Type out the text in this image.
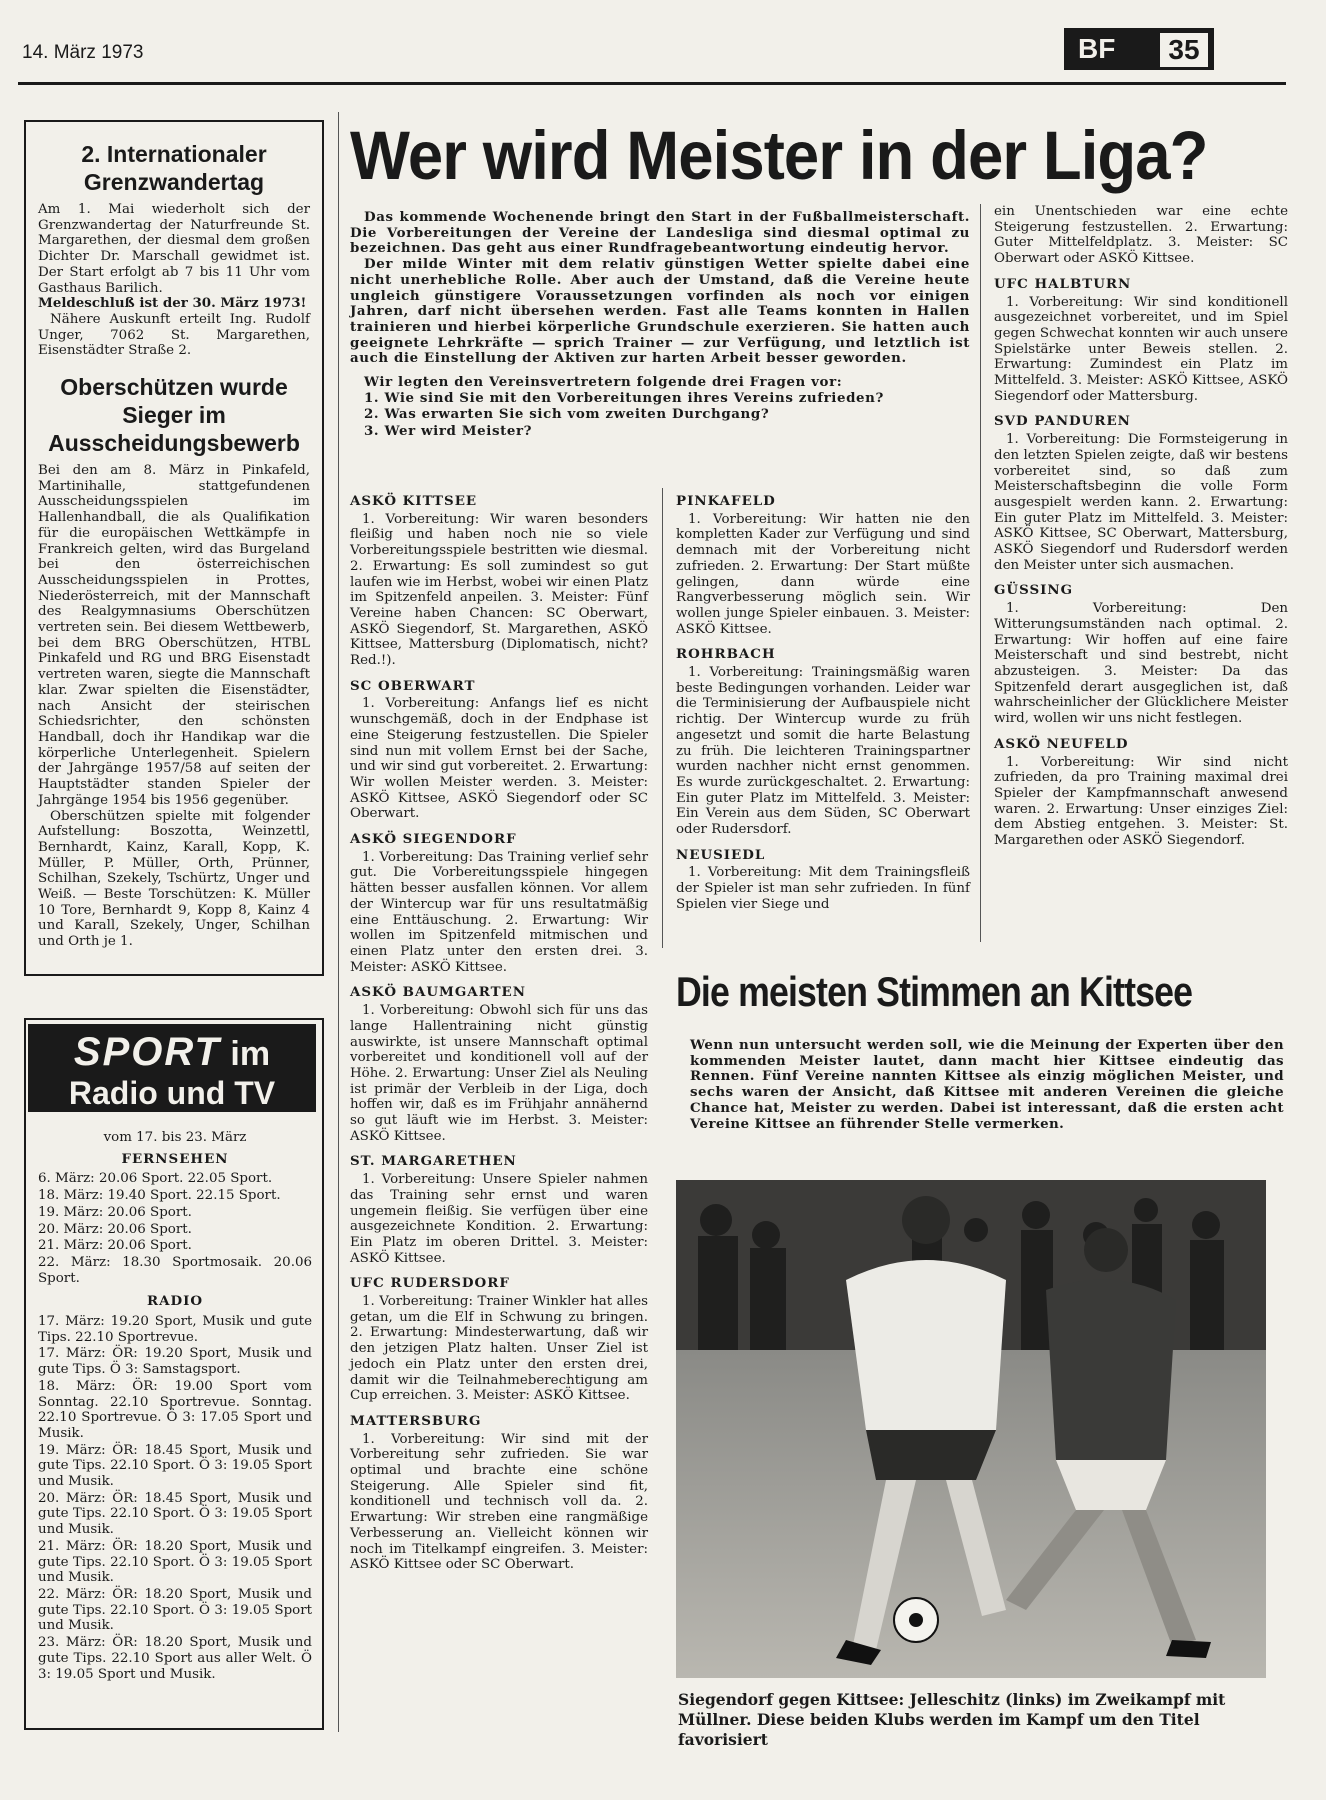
14. März 1973	BF	35
2. Internationaler Grenzwandertag

Am 1. Mai wiederholt sich der Grenzwandertag der Naturfreunde St. Margarethen, der diesmal dem großen Dichter Dr. Marschall gewidmet ist. Der Start erfolgt ab 7 bis 11 Uhr vom Gasthaus Barilich.

Meldeschluß ist der 30. März 1973!

Nähere Auskunft erteilt Ing. Rudolf Unger, 7062 St. Margarethen, Eisenstädter Straße 2.

Oberschützen wurde Sieger im Ausscheidungsbewerb

Bei den am 8. März in Pinkafeld, Martinihalle, stattgefundenen Ausscheidungsspielen im Hallenhandball, die als Qualifikation für die europäischen Wettkämpfe in Frankreich gelten, wird das Burgeland bei den österreichischen Ausscheidungsspielen in Prottes, Niederösterreich, mit der Mannschaft des Realgymnasiums Oberschützen vertreten sein. Bei diesem Wettbewerb, bei dem BRG Oberschützen, HTBL Pinkafeld und RG und BRG Eisenstadt vertreten waren, siegte die Mannschaft klar. Zwar spielten die Eisenstädter, nach Ansicht der steirischen Schiedsrichter, den schönsten Handball, doch ihr Handikap war die körperliche Unterlegenheit. Spielern der Jahrgänge 1957/58 auf seiten der Hauptstädter standen Spieler der Jahrgänge 1954 bis 1956 gegenüber.

Oberschützen spielte mit folgender Aufstellung: Boszotta, Weinzettl, Bernhardt, Kainz, Karall, Kopp, K. Müller, P. Müller, Orth, Prünner, Schilhan, Szekely, Tschürtz, Unger und Weiß. — Beste Torschützen: K. Müller 10 Tore, Bernhardt 9, Kopp 8, Kainz 4 und Karall, Szekely, Unger, Schilhan und Orth je 1.

SPORT im
Radio und TV
vom 17. bis 23. März
FERNSEHEN

6. März: 20.06 Sport. 22.05 Sport.

18. März: 19.40 Sport. 22.15 Sport.

19. März: 20.06 Sport.

20. März: 20.06 Sport.

21. März: 20.06 Sport.

22. März: 18.30 Sportmosaik. 20.06 Sport.

RADIO

17. März: 19.20 Sport, Musik und gute Tips. 22.10 Sportrevue.

17. März: ÖR: 19.20 Sport, Musik und gute Tips. Ö 3: Samstagsport.

18. März: ÖR: 19.00 Sport vom Sonntag. 22.10 Sportrevue. Sonntag. 22.10 Sportrevue. Ö 3: 17.05 Sport und Musik.

19. März: ÖR: 18.45 Sport, Musik und gute Tips. 22.10 Sport. Ö 3: 19.05 Sport und Musik.

20. März: ÖR: 18.45 Sport, Musik und gute Tips. 22.10 Sport. Ö 3: 19.05 Sport und Musik.

21. März: ÖR: 18.20 Sport, Musik und gute Tips. 22.10 Sport. Ö 3: 19.05 Sport und Musik.

22. März: ÖR: 18.20 Sport, Musik und gute Tips. 22.10 Sport. Ö 3: 19.05 Sport und Musik.

23. März: ÖR: 18.20 Sport, Musik und gute Tips. 22.10 Sport aus aller Welt. Ö 3: 19.05 Sport und Musik.

Wer wird Meister in der Liga?

Das kommende Wochenende bringt den Start in der Fußballmeisterschaft. Die Vorbereitungen der Vereine der Landesliga sind diesmal optimal zu bezeichnen. Das geht aus einer Rundfragebeantwortung eindeutig hervor.

Der milde Winter mit dem relativ günstigen Wetter spielte dabei eine nicht unerhebliche Rolle. Aber auch der Umstand, daß die Vereine heute ungleich günstigere Voraussetzungen vorfinden als noch vor einigen Jahren, darf nicht übersehen werden. Fast alle Teams konnten in Hallen trainieren und hierbei körperliche Grundschule exerzieren. Sie hatten auch geeignete Lehrkräfte — sprich Trainer — zur Verfügung, und letztlich ist auch die Einstellung der Aktiven zur harten Arbeit besser geworden.

Wir legten den Vereinsvertretern folgende drei Fragen vor:

1. Wie sind Sie mit den Vorbereitungen ihres Vereins zufrieden?

2. Was erwarten Sie sich vom zweiten Durchgang?

3. Wer wird Meister?

ASKÖ KITTSEE

1. Vorbereitung: Wir waren besonders fleißig und haben noch nie so viele Vorbereitungsspiele bestritten wie diesmal. 2. Erwartung: Es soll zumindest so gut laufen wie im Herbst, wobei wir einen Platz im Spitzenfeld anpeilen. 3. Meister: Fünf Vereine haben Chancen: SC Oberwart, ASKÖ Siegendorf, St. Margarethen, ASKÖ Kittsee, Mattersburg (Diplomatisch, nicht? Red.!).

SC OBERWART

1. Vorbereitung: Anfangs lief es nicht wunschgemäß, doch in der Endphase ist eine Steigerung festzustellen. Die Spieler sind nun mit vollem Ernst bei der Sache, und wir sind gut vorbereitet. 2. Erwartung: Wir wollen Meister werden. 3. Meister: ASKÖ Kittsee, ASKÖ Siegendorf oder SC Oberwart.

ASKÖ SIEGENDORF

1. Vorbereitung: Das Training verlief sehr gut. Die Vorbereitungsspiele hingegen hätten besser ausfallen können. Vor allem der Wintercup war für uns resultatmäßig eine Enttäuschung. 2. Erwartung: Wir wollen im Spitzenfeld mitmischen und einen Platz unter den ersten drei. 3. Meister: ASKÖ Kittsee.

ASKÖ BAUMGARTEN

1. Vorbereitung: Obwohl sich für uns das lange Hallentraining nicht günstig auswirkte, ist unsere Mannschaft optimal vorbereitet und konditionell voll auf der Höhe. 2. Erwartung: Unser Ziel als Neuling ist primär der Verbleib in der Liga, doch hoffen wir, daß es im Frühjahr annähernd so gut läuft wie im Herbst. 3. Meister: ASKÖ Kittsee.

ST. MARGARETHEN

1. Vorbereitung: Unsere Spieler nahmen das Training sehr ernst und waren ungemein fleißig. Sie verfügen über eine ausgezeichnete Kondition. 2. Erwartung: Ein Platz im oberen Drittel. 3. Meister: ASKÖ Kittsee.

UFC RUDERSDORF

1. Vorbereitung: Trainer Winkler hat alles getan, um die Elf in Schwung zu bringen. 2. Erwartung: Mindesterwartung, daß wir den jetzigen Platz halten. Unser Ziel ist jedoch ein Platz unter den ersten drei, damit wir die Teilnahmeberechtigung am Cup erreichen. 3. Meister: ASKÖ Kittsee.

MATTERSBURG

1. Vorbereitung: Wir sind mit der Vorbereitung sehr zufrieden. Sie war optimal und brachte eine schöne Steigerung. Alle Spieler sind fit, konditionell und technisch voll da. 2. Erwartung: Wir streben eine rangmäßige Verbesserung an. Vielleicht können wir noch im Titelkampf eingreifen. 3. Meister: ASKÖ Kittsee oder SC Oberwart.

PINKAFELD

1. Vorbereitung: Wir hatten nie den kompletten Kader zur Verfügung und sind demnach mit der Vorbereitung nicht zufrieden. 2. Erwartung: Der Start müßte gelingen, dann würde eine Rangverbesserung möglich sein. Wir wollen junge Spieler einbauen. 3. Meister: ASKÖ Kittsee.

ROHRBACH

1. Vorbereitung: Trainingsmäßig waren beste Bedingungen vorhanden. Leider war die Terminisierung der Aufbauspiele nicht richtig. Der Wintercup wurde zu früh angesetzt und somit die harte Belastung zu früh. Die leichteren Trainingspartner wurden nachher nicht ernst genommen. Es wurde zurückgeschaltet. 2. Erwartung: Ein guter Platz im Mittelfeld. 3. Meister: Ein Verein aus dem Süden, SC Oberwart oder Rudersdorf.

NEUSIEDL

1. Vorbereitung: Mit dem Trainingsfleiß der Spieler ist man sehr zufrieden. In fünf Spielen vier Siege und

ein Unentschieden war eine echte Steigerung festzustellen. 2. Erwartung: Guter Mittelfeldplatz. 3. Meister: SC Oberwart oder ASKÖ Kittsee.

UFC HALBTURN

1. Vorbereitung: Wir sind konditionell ausgezeichnet vorbereitet, und im Spiel gegen Schwechat konnten wir auch unsere Spielstärke unter Beweis stellen. 2. Erwartung: Zumindest ein Platz im Mittelfeld. 3. Meister: ASKÖ Kittsee, ASKÖ Siegendorf oder Mattersburg.

SVD PANDUREN

1. Vorbereitung: Die Formsteigerung in den letzten Spielen zeigte, daß wir bestens vorbereitet sind, so daß zum Meisterschaftsbeginn die volle Form ausgespielt werden kann. 2. Erwartung: Ein guter Platz im Mittelfeld. 3. Meister: ASKÖ Kittsee, SC Oberwart, Mattersburg, ASKÖ Siegendorf und Rudersdorf werden den Meister unter sich ausmachen.

GÜSSING

1. Vorbereitung: Den Witterungsumständen nach optimal. 2. Erwartung: Wir hoffen auf eine faire Meisterschaft und sind bestrebt, nicht abzusteigen. 3. Meister: Da das Spitzenfeld derart ausgeglichen ist, daß wahrscheinlicher der Glücklichere Meister wird, wollen wir uns nicht festlegen.

ASKÖ NEUFELD

1. Vorbereitung: Wir sind nicht zufrieden, da pro Training maximal drei Spieler der Kampfmannschaft anwesend waren. 2. Erwartung: Unser einziges Ziel: dem Abstieg entgehen. 3. Meister: St. Margarethen oder ASKÖ Siegendorf.

Die meisten Stimmen an Kittsee
Wenn nun untersucht werden soll, wie die Meinung der Experten über den kommenden Meister lautet, dann macht hier Kittsee eindeutig das Rennen. Fünf Vereine nannten Kittsee als einzig möglichen Meister, und sechs waren der Ansicht, daß Kittsee mit anderen Vereinen die gleiche Chance hat, Meister zu werden. Dabei ist interessant, daß die ersten acht Vereine Kittsee an führender Stelle vermerken.
Siegendorf gegen Kittsee: Jelleschitz (links) im Zweikampf mit Müllner. Diese beiden Klubs werden im Kampf um den Titel favorisiert
